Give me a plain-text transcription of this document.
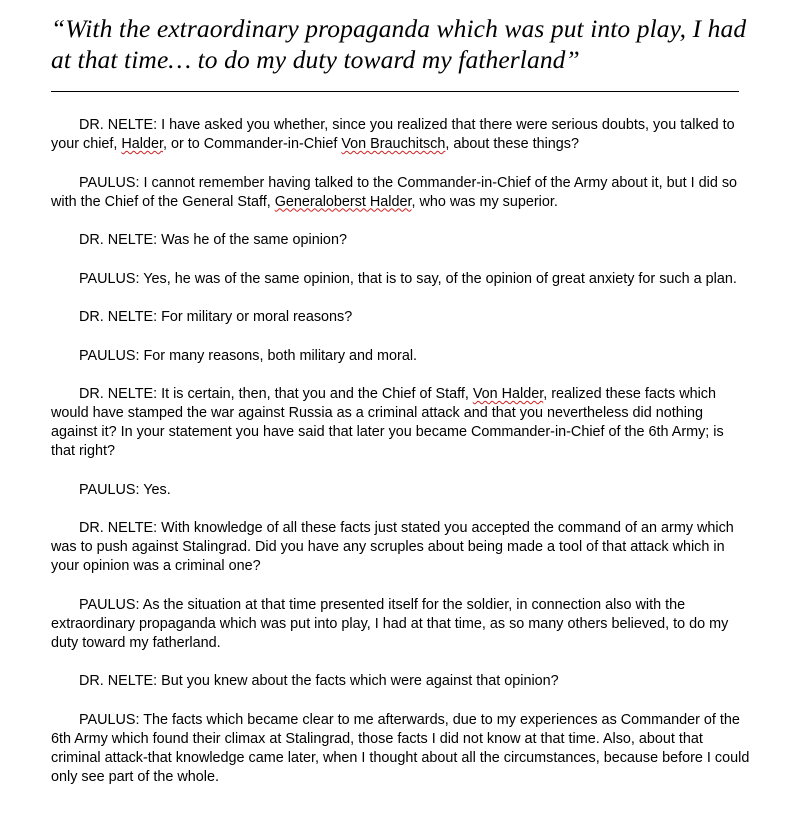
“With the extraordinary propaganda which was put into play, I had at that time… to do my duty toward my fatherland”

DR. NELTE: I have asked you whether, since you realized that there were serious doubts, you talked to your chief, Halder, or to Commander-in-Chief Von Brauchitsch, about these things?

PAULUS: I cannot remember having talked to the Commander-in-Chief of the Army about it, but I did so with the Chief of the General Staff, Generaloberst Halder, who was my superior.

DR. NELTE: Was he of the same opinion?

PAULUS: Yes, he was of the same opinion, that is to say, of the opinion of great anxiety for such a plan.

DR. NELTE: For military or moral reasons?

PAULUS: For many reasons, both military and moral.

DR. NELTE: It is certain, then, that you and the Chief of Staff, Von Halder, realized these facts which would have stamped the war against Russia as a criminal attack and that you nevertheless did nothing against it? In your statement you have said that later you became Commander-in-Chief of the 6th Army; is that right?

PAULUS: Yes.

DR. NELTE: With knowledge of all these facts just stated you accepted the command of an army which was to push against Stalingrad. Did you have any scruples about being made a tool of that attack which in your opinion was a criminal one?

PAULUS: As the situation at that time presented itself for the soldier, in connection also with the extraordinary propaganda which was put into play, I had at that time, as so many others believed, to do my duty toward my fatherland.

DR. NELTE: But you knew about the facts which were against that opinion?

PAULUS: The facts which became clear to me afterwards, due to my experiences as Commander of the 6th Army which found their climax at Stalingrad, those facts I did not know at that time. Also, about that criminal attack-that knowledge came later, when I thought about all the circumstances, because before I could only see part of the whole.
